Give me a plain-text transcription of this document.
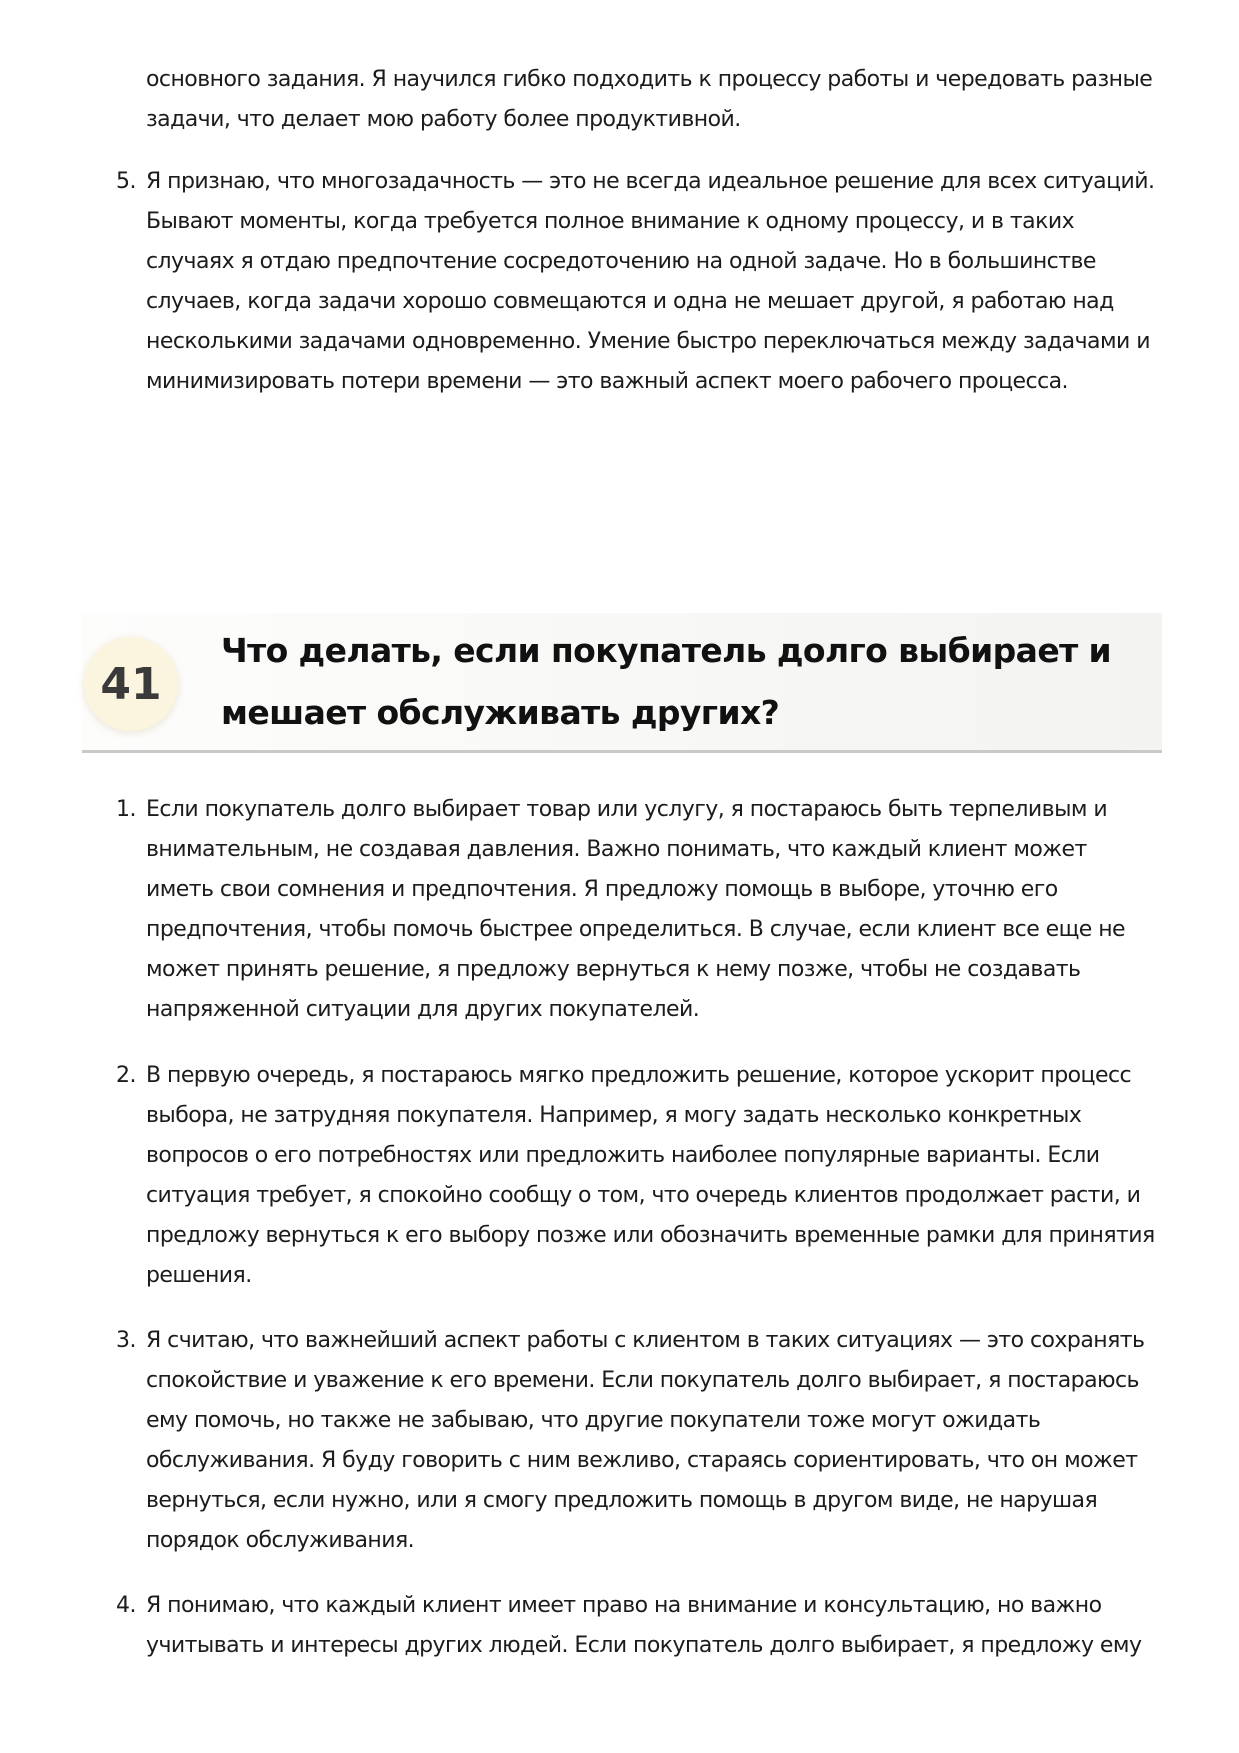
основного задания. Я научился гибко подходить к процессу работы и чередовать разные задачи, что делает мою работу более продуктивной.

5. Я признаю, что многозадачность — это не всегда идеальное решение для всех ситуаций. Бывают моменты, когда требуется полное внимание к одному процессу, и в таких случаях я отдаю предпочтение сосредоточению на одной задаче. Но в большинстве случаев, когда задачи хорошо совмещаются и одна не мешает другой, я работаю над несколькими задачами одновременно. Умение быстро переключаться между задачами и минимизировать потери времени — это важный аспект моего рабочего процесса.

41
Что делать, если покупатель долго выбирает и мешает обслуживать других?

1. Если покупатель долго выбирает товар или услугу, я постараюсь быть терпеливым и внимательным, не создавая давления. Важно понимать, что каждый клиент может иметь свои сомнения и предпочтения. Я предложу помощь в выборе, уточню его предпочтения, чтобы помочь быстрее определиться. В случае, если клиент все еще не может принять решение, я предложу вернуться к нему позже, чтобы не создавать напряженной ситуации для других покупателей.

2. В первую очередь, я постараюсь мягко предложить решение, которое ускорит процесс выбора, не затрудняя покупателя. Например, я могу задать несколько конкретных вопросов о его потребностях или предложить наиболее популярные варианты. Если ситуация требует, я спокойно сообщу о том, что очередь клиентов продолжает расти, и предложу вернуться к его выбору позже или обозначить временные рамки для принятия решения.

3. Я считаю, что важнейший аспект работы с клиентом в таких ситуациях — это сохранять спокойствие и уважение к его времени. Если покупатель долго выбирает, я постараюсь ему помочь, но также не забываю, что другие покупатели тоже могут ожидать обслуживания. Я буду говорить с ним вежливо, стараясь сориентировать, что он может вернуться, если нужно, или я смогу предложить помощь в другом виде, не нарушая порядок обслуживания.

4. Я понимаю, что каждый клиент имеет право на внимание и консультацию, но важно учитывать и интересы других людей. Если покупатель долго выбирает, я предложу ему
